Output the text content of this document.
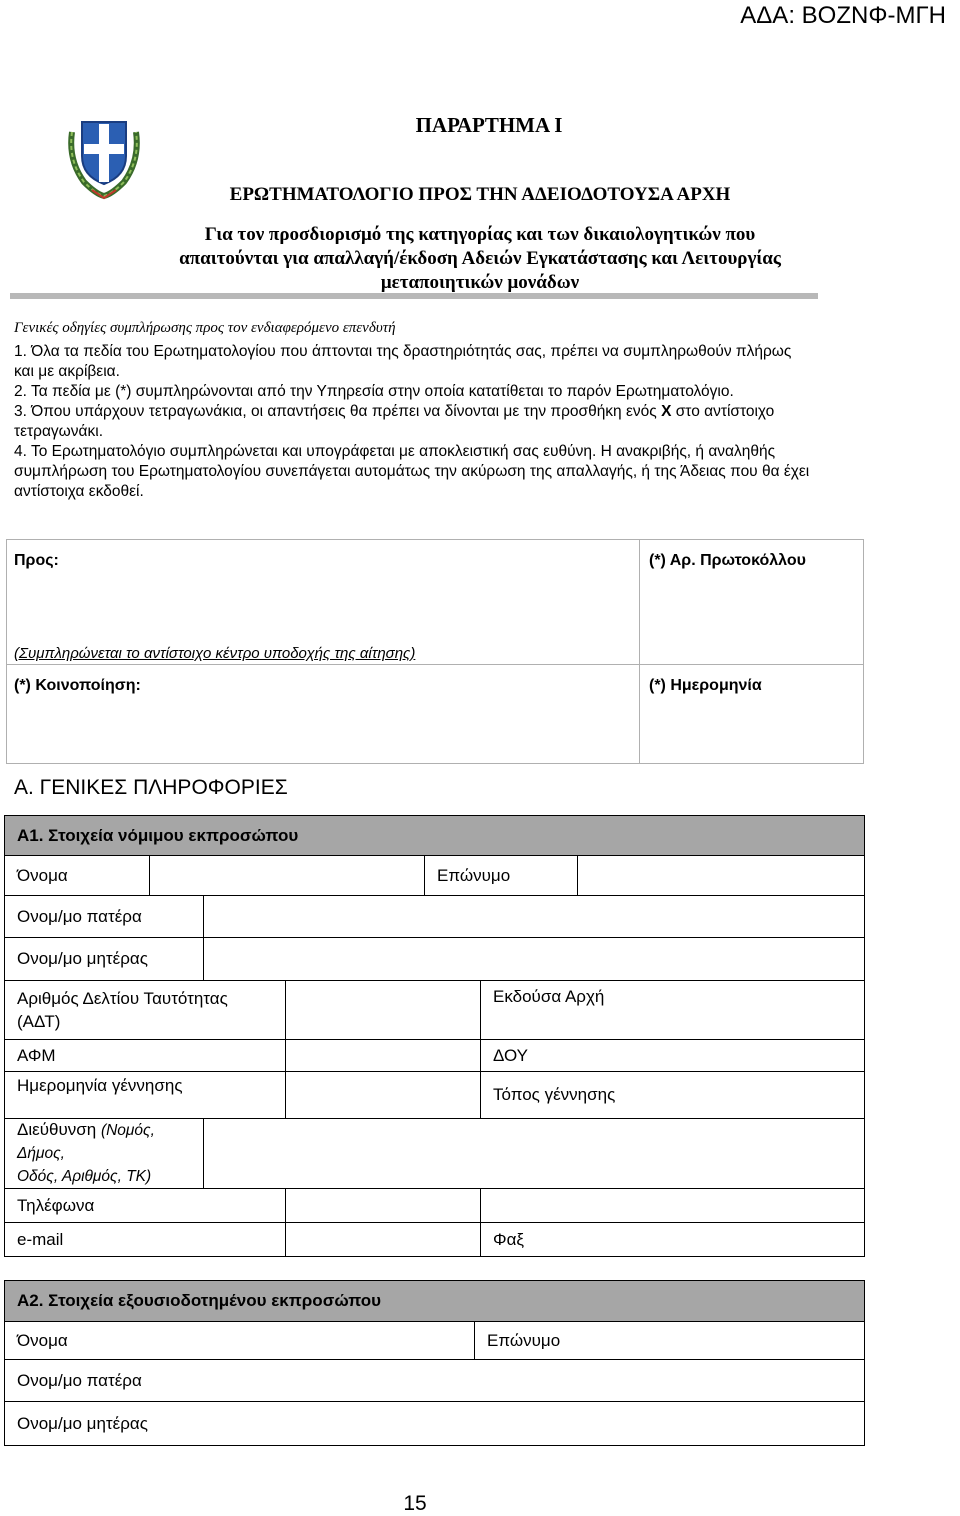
ΑΔΑ: ΒΟΖΝΦ-ΜΓΗ
ΠΑΡΑΡΤΗΜΑ Ι
ΕΡΩΤΗΜΑΤΟΛΟΓΙΟ ΠΡΟΣ ΤΗΝ ΑΔΕΙΟΔΟΤΟΥΣΑ ΑΡΧΗ
Για τον προσδιορισμό της κατηγορίας και των δικαιολογητικών που
απαιτούνται για απαλλαγή/έκδοση Αδειών Εγκατάστασης και Λειτουργίας
μεταποιητικών μονάδων
Γενικές οδηγίες συμπλήρωσης προς τον ενδιαφερόμενο επενδυτή

1. Όλα τα πεδία του Ερωτηματολογίου που άπτονται της δραστηριότητάς σας, πρέπει να συμπληρωθούν πλήρως και με ακρίβεια.

2. Τα πεδία με (*) συμπληρώνονται από την Υπηρεσία στην οποία κατατίθεται το παρόν Ερωτηματολόγιο.

3. Όπου υπάρχουν τετραγωνάκια, οι απαντήσεις θα πρέπει να δίνονται με την προσθήκη ενός X στο αντίστοιχο τετραγωνάκι.

4. Το Ερωτηματολόγιο συμπληρώνεται και υπογράφεται με αποκλειστική σας ευθύνη. Η ανακριβής, ή αναληθής συμπλήρωση του Ερωτηματολογίου συνεπάγεται αυτομάτως την ακύρωση της απαλλαγής, ή της Άδειας που θα έχει αντίστοιχα εκδοθεί.

Προς:	(*) Αρ. Πρωτοκόλλου
(Συμπληρώνεται το αντίστοιχο κέντρο υποδοχής της αίτησης)
(*) Κοινοποίηση:	(*) Ημερομηνία
Α. ΓΕΝΙΚΕΣ ΠΛΗΡΟΦΟΡΙΕΣ
Α1. Στοιχεία νόμιμου εκπροσώπου						
Όνομα				Επώνυμο		
Ονομ/μο πατέρα						
Ονομ/μο μητέρας						
Αριθμός Δελτίου Ταυτότητας (ΑΔΤ)					Εκδούσα Αρχή	
ΑΦΜ					ΔΟΥ	
Ημερομηνία γέννησης					Τόπος γέννησης	
Διεύθυνση (Νομός, Δήμος,
Οδός, Αριθμός, ΤΚ)						
Τηλέφωνα						
e-mail					Φαξ	
Α2. Στοιχεία εξουσιοδοτημένου εκπροσώπου
Όνομα	Επώνυμο
Ονομ/μο πατέρα
Ονομ/μο μητέρας
15
